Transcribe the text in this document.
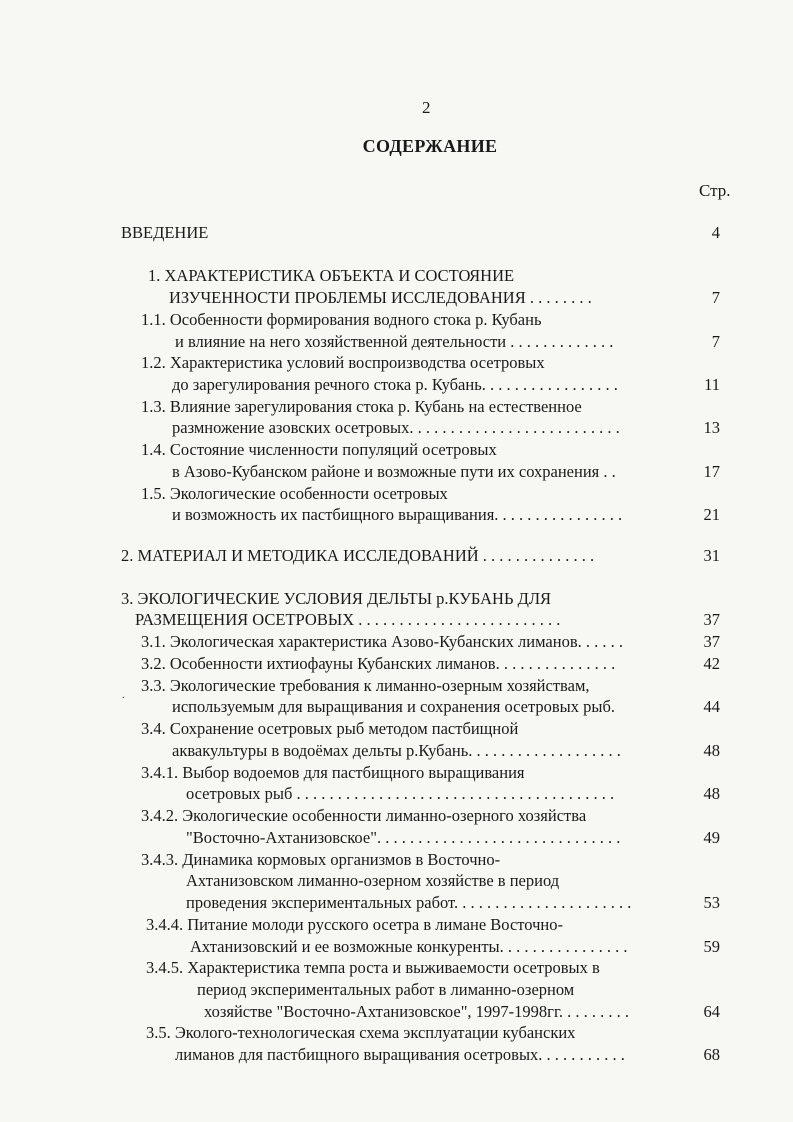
2
СОДЕРЖАНИЕ
Стр.
.
ВВЕДЕНИЕ	4
1. ХАРАКТЕРИСТИКА ОБЪЕКТА И СОСТОЯНИЕ
ИЗУЧЕННОСТИ ПРОБЛЕМЫ ИССЛЕДОВАНИЯ . . . . . . . .	7
1.1. Особенности формирования водного стока р. Кубань
и влияние на него хозяйственной деятельности . . . . . . . . . . . . .	7
1.2. Характеристика условий воспроизводства осетровых
до зарегулирования речного стока р. Кубань. . . . . . . . . . . . . . . . .	11
1.3. Влияние зарегулирования стока р. Кубань на естественное
размножение азовских осетровых. . . . . . . . . . . . . . . . . . . . . . . . . .	13
1.4. Состояние численности популяций осетровых
в Азово-Кубанском районе и возможные пути их сохранения . .	17
1.5. Экологические особенности осетровых
и возможность их пастбищного выращивания. . . . . . . . . . . . . . . .	21
2. МАТЕРИАЛ И МЕТОДИКА ИССЛЕДОВАНИЙ . . . . . . . . . . . . . .	31
3. ЭКОЛОГИЧЕСКИЕ УСЛОВИЯ ДЕЛЬТЫ р.КУБАНЬ ДЛЯ
РАЗМЕЩЕНИЯ ОСЕТРОВЫХ . . . . . . . . . . . . . . . . . . . . . . . . .	37
3.1. Экологическая характеристика Азово-Кубанских лиманов. . . . . .	37
3.2. Особенности ихтиофауны Кубанских лиманов. . . . . . . . . . . . . . .	42
3.3. Экологические требования к лиманно-озерным хозяйствам,
используемым для выращивания и сохранения осетровых рыб.	44
3.4. Сохранение осетровых рыб методом пастбищной
аквакультуры в водоёмах дельты р.Кубань. . . . . . . . . . . . . . . . . . .	48
3.4.1. Выбор водоемов для пастбищного выращивания
осетровых рыб . . . . . . . . . . . . . . . . . . . . . . . . . . . . . . . . . . . . . . .	48
3.4.2. Экологические особенности лиманно-озерного хозяйства
"Восточно-Ахтанизовское". . . . . . . . . . . . . . . . . . . . . . . . . . . . . .	49
3.4.3. Динамика кормовых организмов в Восточно-
Ахтанизовском лиманно-озерном хозяйстве в период
проведения экспериментальных работ. . . . . . . . . . . . . . . . . . . . . .	53
3.4.4. Питание молоди русского осетра в лимане Восточно-
Ахтанизовский и ее возможные конкуренты. . . . . . . . . . . . . . . .	59
3.4.5. Характеристика темпа роста и выживаемости осетровых в
период экспериментальных работ в лиманно-озерном
хозяйстве "Восточно-Ахтанизовское", 1997-1998гг. . . . . . . . .	64
3.5. Эколого-технологическая схема эксплуатации кубанских
лиманов для пастбищного выращивания осетровых. . . . . . . . . . .	68
